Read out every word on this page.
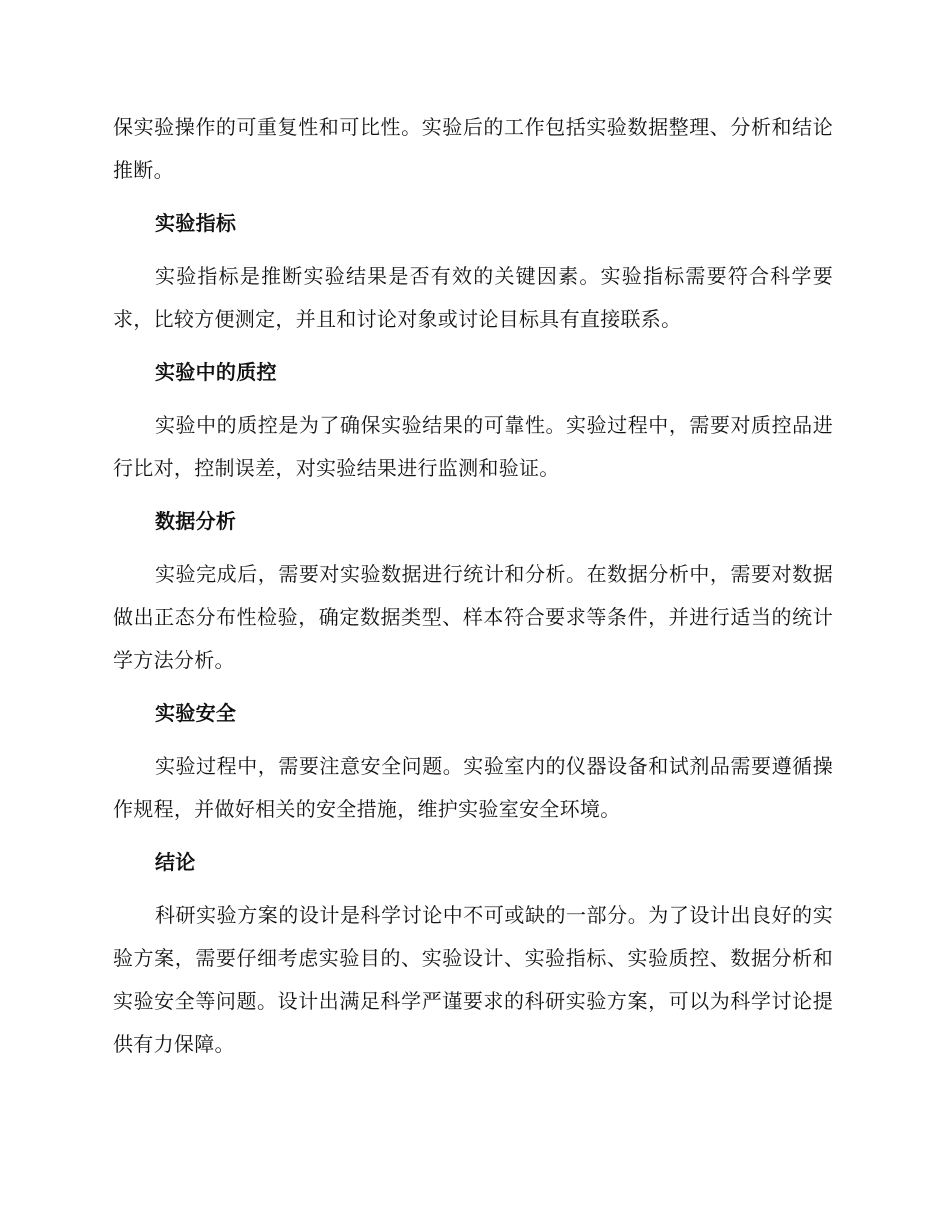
保实验操作的可重复性和可比性。实验后的工作包括实验数据整理、分析和结论推断。

实验指标

实验指标是推断实验结果是否有效的关键因素。实验指标需要符合科学要求，比较方便测定，并且和讨论对象或讨论目标具有直接联系。

实验中的质控

实验中的质控是为了确保实验结果的可靠性。实验过程中，需要对质控品进行比对，控制误差，对实验结果进行监测和验证。

数据分析

实验完成后，需要对实验数据进行统计和分析。在数据分析中，需要对数据做出正态分布性检验，确定数据类型、样本符合要求等条件，并进行适当的统计学方法分析。

实验安全

实验过程中，需要注意安全问题。实验室内的仪器设备和试剂品需要遵循操作规程，并做好相关的安全措施，维护实验室安全环境。

结论

科研实验方案的设计是科学讨论中不可或缺的一部分。为了设计出良好的实验方案，需要仔细考虑实验目的、实验设计、实验指标、实验质控、数据分析和实验安全等问题。设计出满足科学严谨要求的科研实验方案，可以为科学讨论提供有力保障。
